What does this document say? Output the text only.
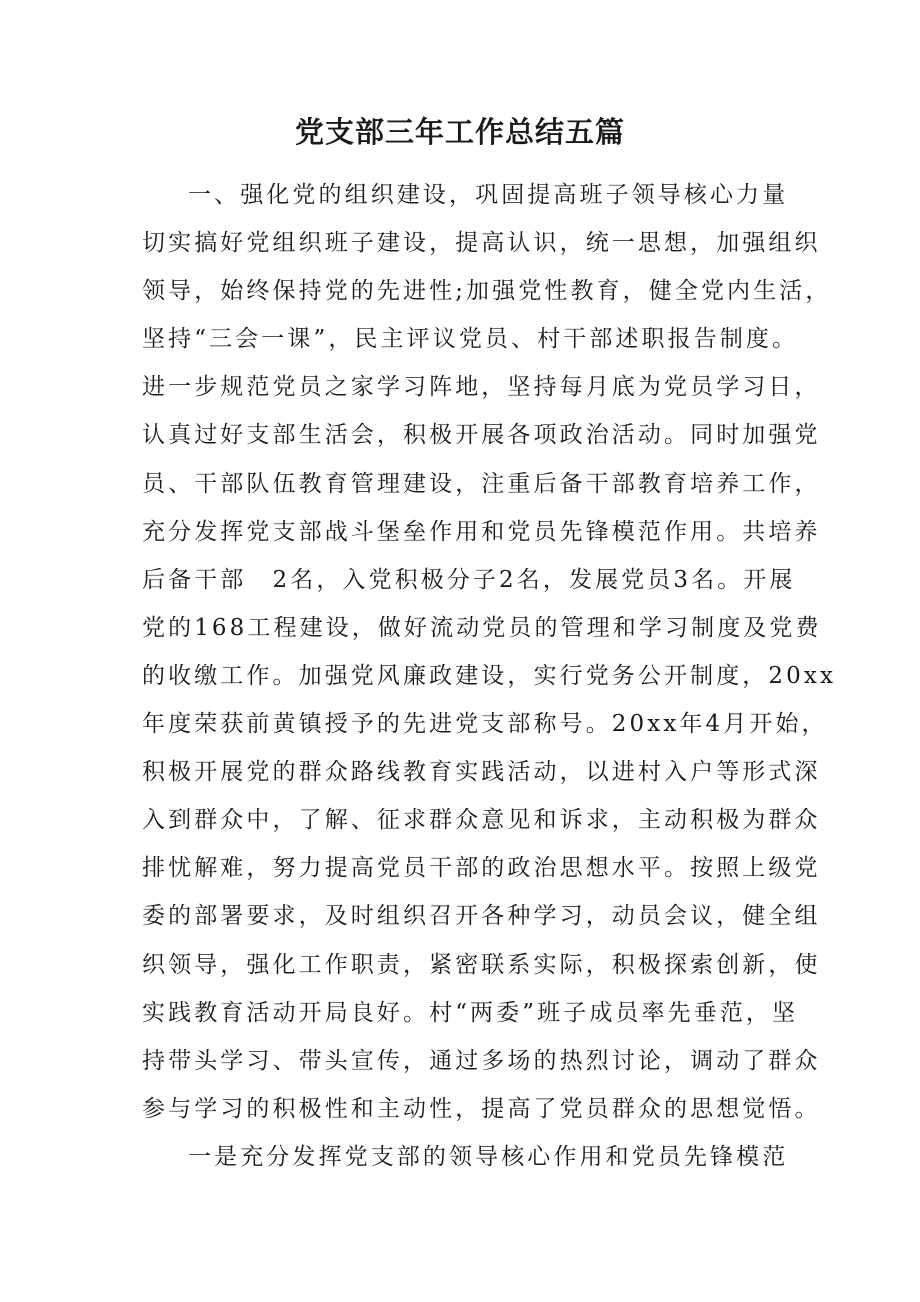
党支部三年工作总结五篇
一、强化党的组织建设，巩固提高班子领导核心力量
切实搞好党组织班子建设，提高认识，统一思想，加强组织
领导，始终保持党的先进性;加强党性教育，健全党内生活，
坚持“三会一课”，民主评议党员、村干部述职报告制度。
进一步规范党员之家学习阵地，坚持每月底为党员学习日，
认真过好支部生活会，积极开展各项政治活动。同时加强党
员、干部队伍教育管理建设，注重后备干部教育培养工作，
充分发挥党支部战斗堡垒作用和党员先锋模范作用。共培养
后备干部　2名，入党积极分子2名，发展党员3名。开展
党的168工程建设，做好流动党员的管理和学习制度及党费
的收缴工作。加强党风廉政建设，实行党务公开制度，20xx
年度荣获前黄镇授予的先进党支部称号。20xx年4月开始，
积极开展党的群众路线教育实践活动，以进村入户等形式深
入到群众中，了解、征求群众意见和诉求，主动积极为群众
排忧解难，努力提高党员干部的政治思想水平。按照上级党
委的部署要求，及时组织召开各种学习，动员会议，健全组
织领导，强化工作职责，紧密联系实际，积极探索创新，使
实践教育活动开局良好。村“两委”班子成员率先垂范，坚
持带头学习、带头宣传，通过多场的热烈讨论，调动了群众
参与学习的积极性和主动性，提高了党员群众的思想觉悟。
一是充分发挥党支部的领导核心作用和党员先锋模范
